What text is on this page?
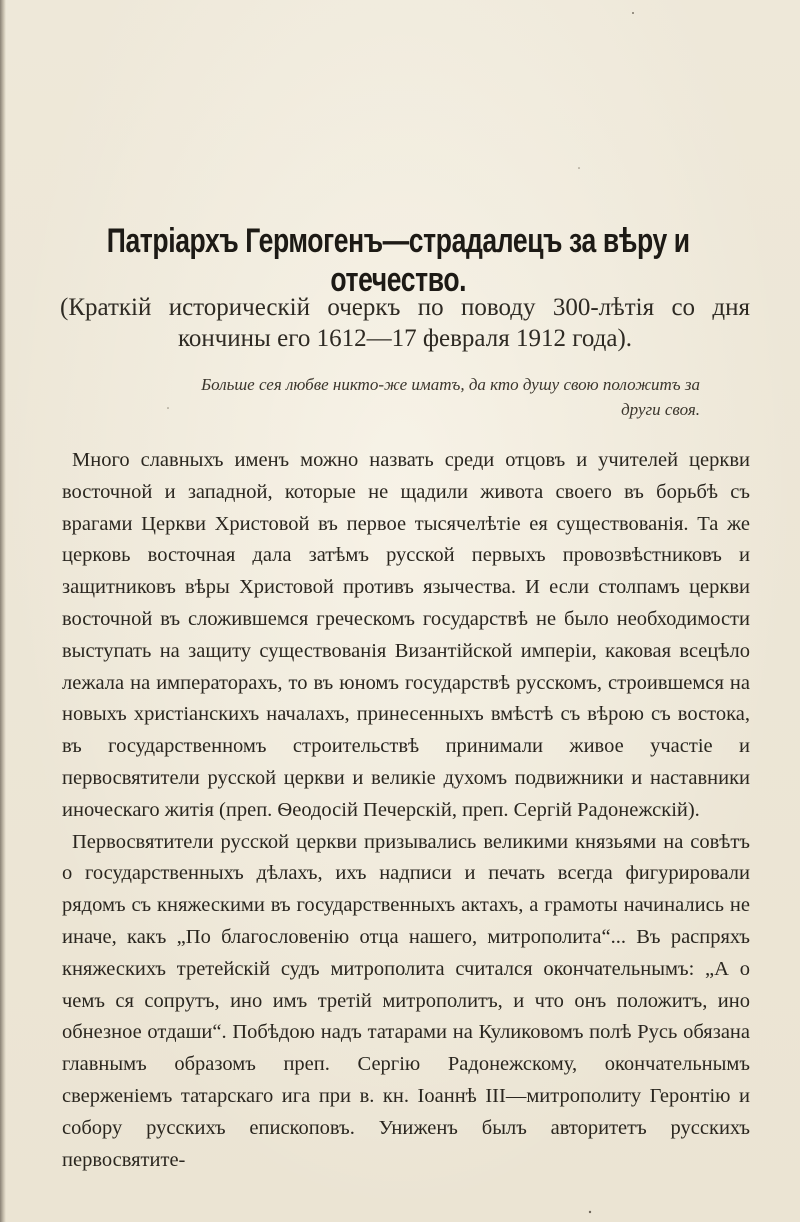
Патріархъ Гермогенъ—страдалецъ за вѣру и отечество.

(Краткій историческій очеркъ по поводу 300-лѣтія со дня кончины его 1612—17 февраля 1912 года).

Больше сея любве никто-же иматъ, да кто душу свою положитъ за други своя.

Много славныхъ именъ можно назвать среди отцовъ и учителей церкви восточной и западной, которые не щадили живота своего въ борьбѣ съ врагами Церкви Христовой въ первое тысячелѣтіе ея существованія. Та же церковь восточная дала затѣмъ русской первыхъ провозвѣстниковъ и защитниковъ вѣры Христовой противъ язычества. И если столпамъ церкви восточной въ сложившемся греческомъ государствѣ не было необходимости выступать на защиту существованія Византійской имперіи, каковая всецѣло лежала на императорахъ, то въ юномъ государствѣ русскомъ, строившемся на новыхъ христіанскихъ началахъ, принесенныхъ вмѣстѣ съ вѣрою съ востока, въ государственномъ строительствѣ принимали живое участіе и первосвятители русской церкви и великіе духомъ подвижники и наставники иноческаго житія (преп. Ѳеодосій Печерскій, преп. Сергій Радонежскій).

Первосвятители русской церкви призывались великими князьями на совѣтъ о государственныхъ дѣлахъ, ихъ надписи и печать всегда фигурировали рядомъ съ княжескими въ государственныхъ актахъ, а грамоты начинались не иначе, какъ „По благословенію отца нашего, митрополита“... Въ распряхъ княжескихъ третейскій судъ митрополита считался окончательнымъ: „А о чемъ ся сопрутъ, ино имъ третій митрополитъ, и что онъ положитъ, ино обнезное отдаши“. Побѣдою надъ татарами на Куликовомъ полѣ Русь обязана главнымъ образомъ преп. Сергію Радонежскому, окончательнымъ сверженіемъ татарскаго ига при в. кн. Іоаннѣ III—митрополиту Геронтію и собору русскихъ епископовъ. Униженъ былъ авторитетъ русскихъ первосвятите-
